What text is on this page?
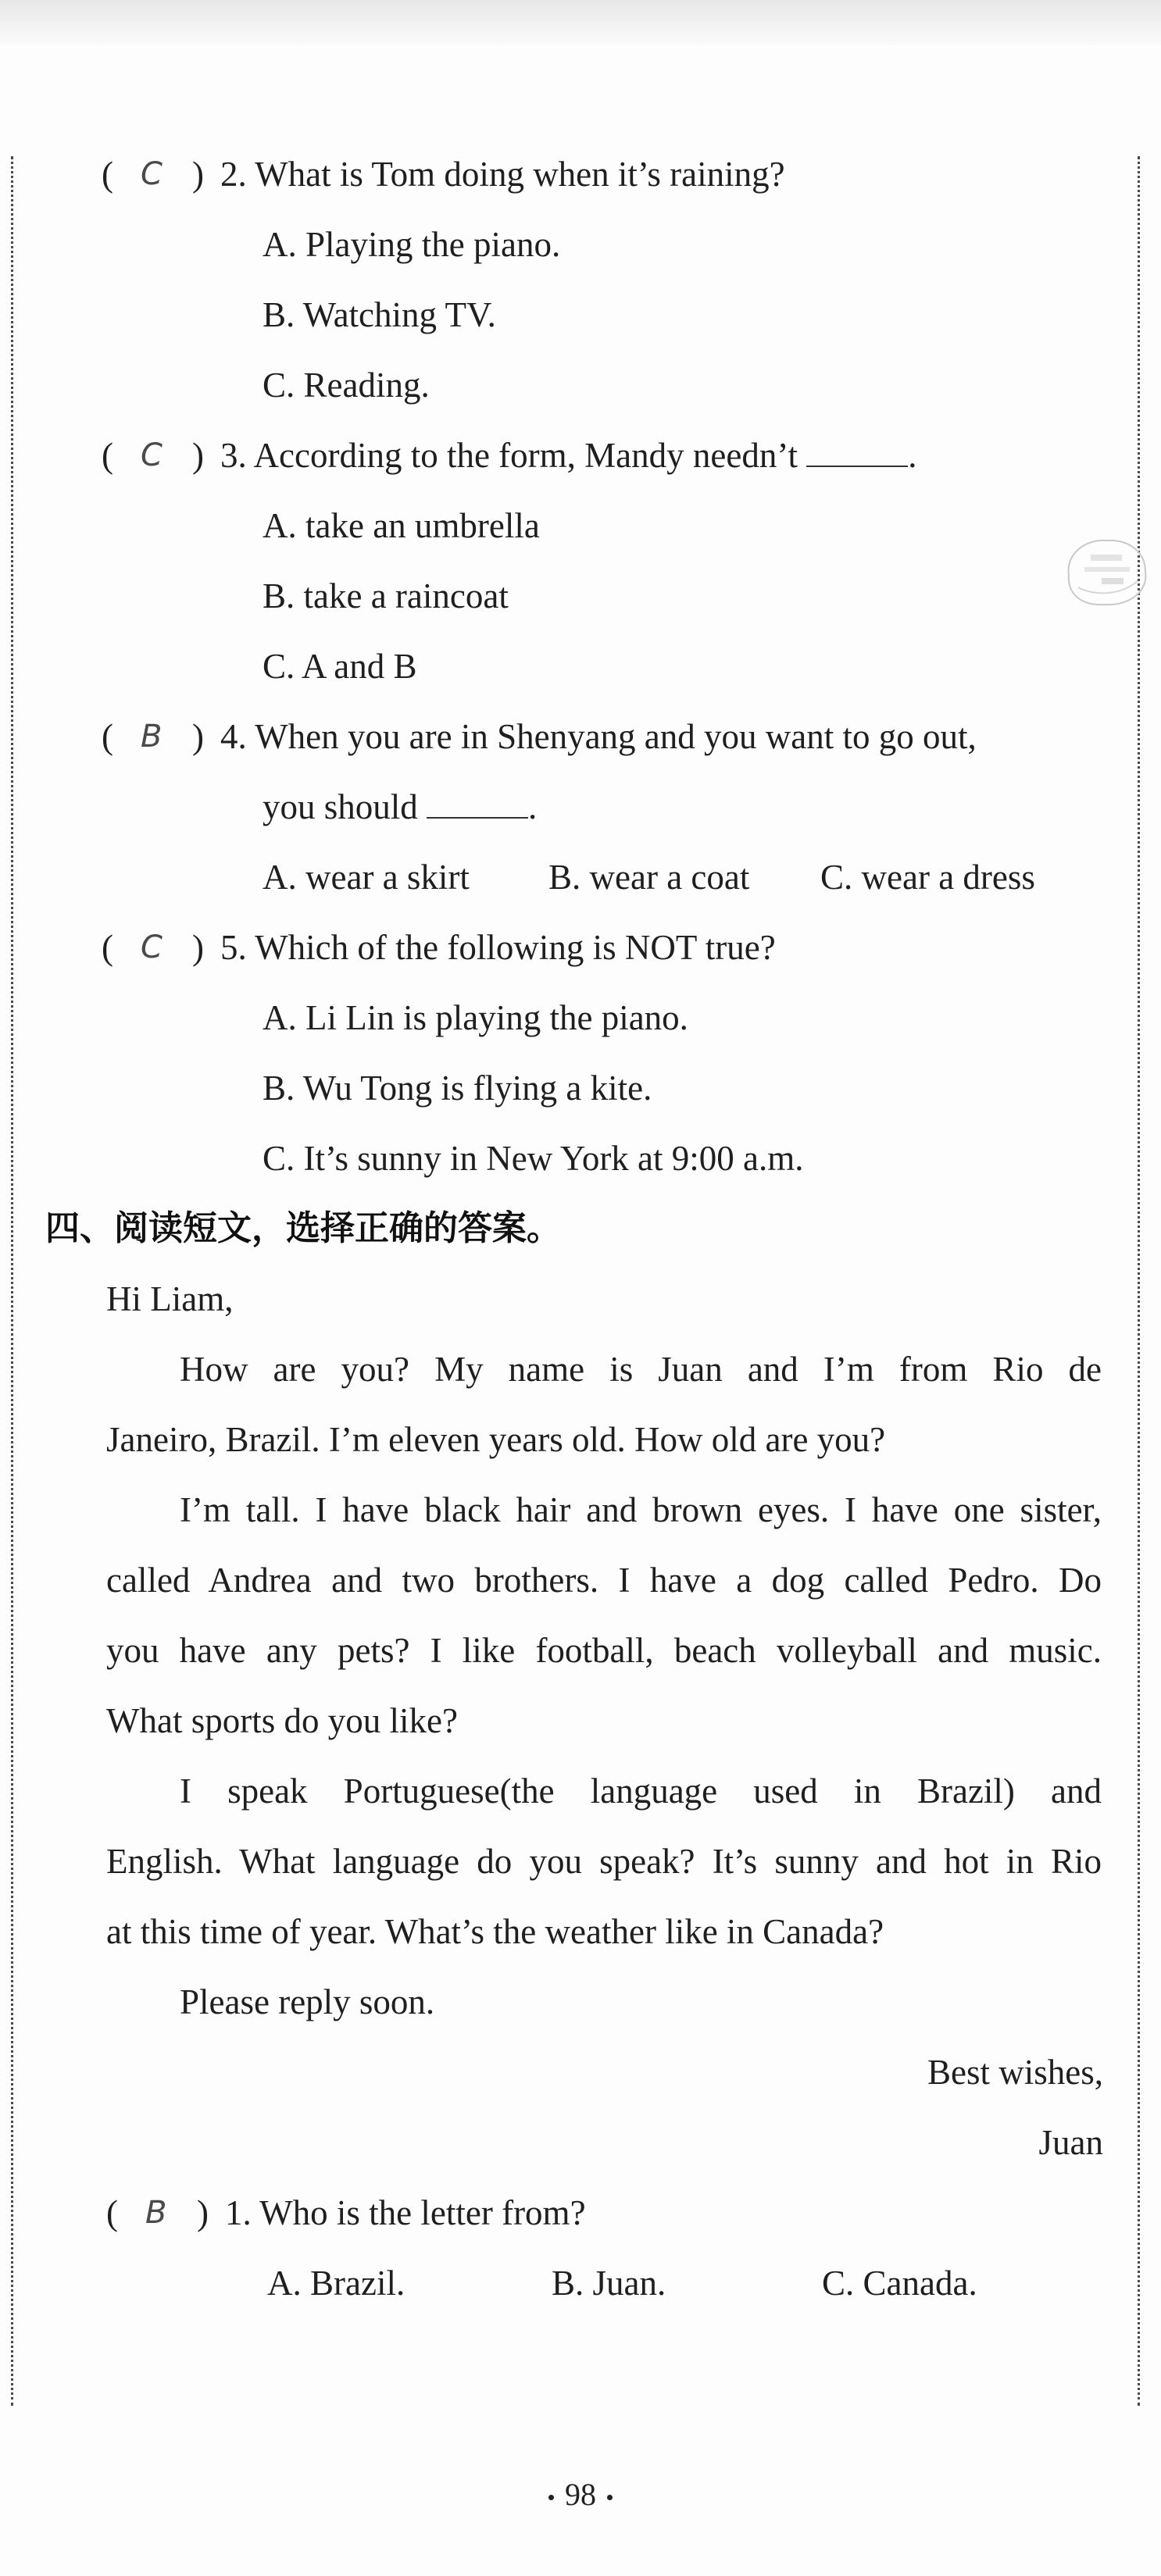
( C ) 2. What is Tom doing when it’s raining?
A. Playing the piano.
B. Watching TV.
C. Reading.
( C ) 3. According to the form, Mandy needn’t	.
A. take an umbrella
B. take a raincoat
C. A and B
( B ) 4. When you are in Shenyang and you want to go out,
you should	.
A. wear a skirt B. wear a coat C. wear a dress
( C ) 5. Which of the following is NOT true?
A. Li Lin is playing the piano.
B. Wu Tong is flying a kite.
C. It’s sunny in New York at 9:00 a.m.
四、阅读短文，选择正确的答案。
Hi Liam,
How are you? My name is Juan and I’m from Rio de
Janeiro, Brazil. I’m eleven years old. How old are you?
I’m tall. I have black hair and brown eyes. I have one sister,
called Andrea and two brothers. I have a dog called Pedro. Do
you have any pets? I like football, beach volleyball and music.
What sports do you like?
I speak Portuguese(the language used in Brazil) and
English. What language do you speak? It’s sunny and hot in Rio
at this time of year. What’s the weather like in Canada?
Please reply soon.
Best wishes,
Juan
( B ) 1. Who is the letter from?
A. Brazil.	B. Juan.	C. Canada.
98
